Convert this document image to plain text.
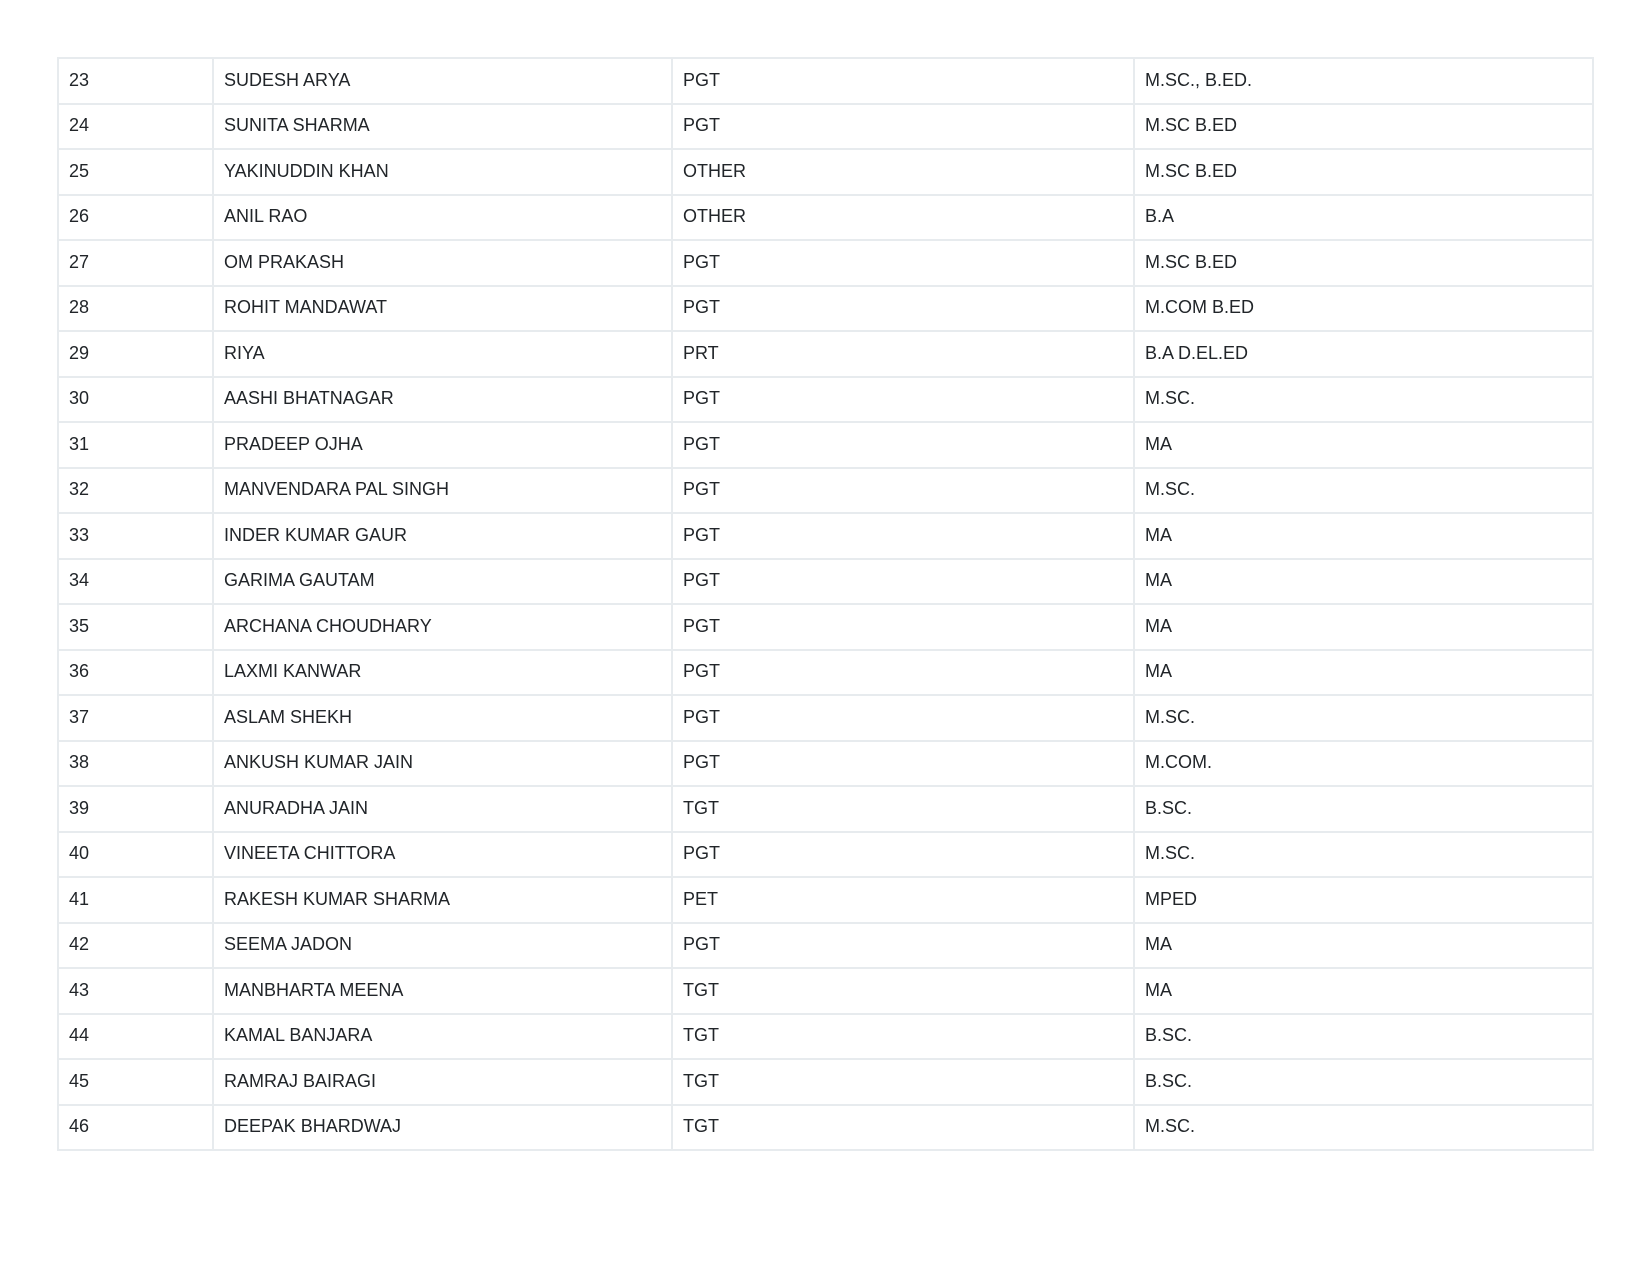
23	SUDESH ARYA	PGT	M.SC., B.ED.
24	SUNITA SHARMA	PGT	M.SC B.ED
25	YAKINUDDIN KHAN	OTHER	M.SC B.ED
26	ANIL RAO	OTHER	B.A
27	OM PRAKASH	PGT	M.SC B.ED
28	ROHIT MANDAWAT	PGT	M.COM B.ED
29	RIYA	PRT	B.A D.EL.ED
30	AASHI BHATNAGAR	PGT	M.SC.
31	PRADEEP OJHA	PGT	MA
32	MANVENDARA PAL SINGH	PGT	M.SC.
33	INDER KUMAR GAUR	PGT	MA
34	GARIMA GAUTAM	PGT	MA
35	ARCHANA CHOUDHARY	PGT	MA
36	LAXMI KANWAR	PGT	MA
37	ASLAM SHEKH	PGT	M.SC.
38	ANKUSH KUMAR JAIN	PGT	M.COM.
39	ANURADHA JAIN	TGT	B.SC.
40	VINEETA CHITTORA	PGT	M.SC.
41	RAKESH KUMAR SHARMA	PET	MPED
42	SEEMA JADON	PGT	MA
43	MANBHARTA MEENA	TGT	MA
44	KAMAL BANJARA	TGT	B.SC.
45	RAMRAJ BAIRAGI	TGT	B.SC.
46	DEEPAK BHARDWAJ	TGT	M.SC.
